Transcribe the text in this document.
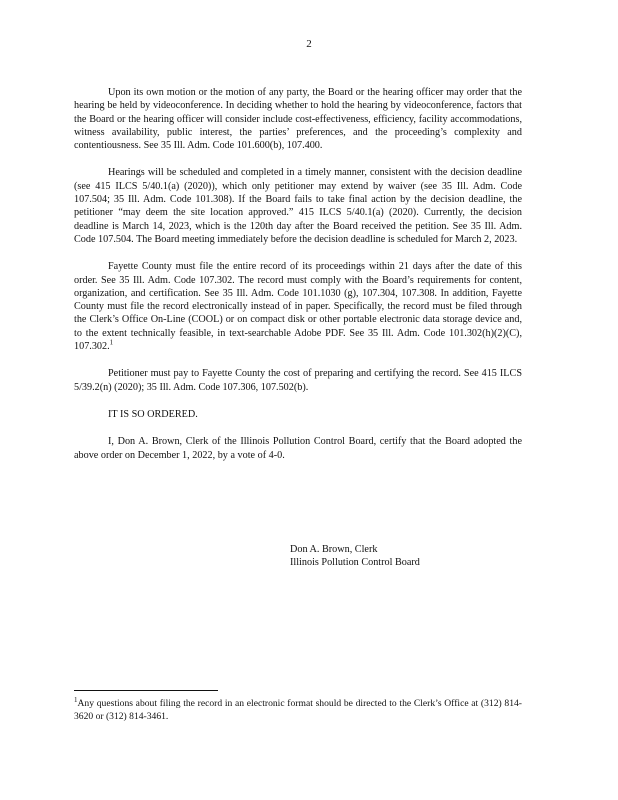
2

Upon its own motion or the motion of any party, the Board or the hearing officer may order that the hearing be held by videoconference. In deciding whether to hold the hearing by videoconference, factors that the Board or the hearing officer will consider include cost-effectiveness, efficiency, facility accommodations, witness availability, public interest, the parties’ preferences, and the proceeding’s complexity and contentiousness. See 35 Ill. Adm. Code 101.600(b), 107.400.

Hearings will be scheduled and completed in a timely manner, consistent with the decision deadline (see 415 ILCS 5/40.1(a) (2020)), which only petitioner may extend by waiver (see 35 Ill. Adm. Code 107.504; 35 Ill. Adm. Code 101.308). If the Board fails to take final action by the decision deadline, the petitioner “may deem the site location approved.” 415 ILCS 5/40.1(a) (2020). Currently, the decision deadline is March 14, 2023, which is the 120th day after the Board received the petition. See 35 Ill. Adm. Code 107.504. The Board meeting immediately before the decision deadline is scheduled for March 2, 2023.

Fayette County must file the entire record of its proceedings within 21 days after the date of this order. See 35 Ill. Adm. Code 107.302. The record must comply with the Board’s requirements for content, organization, and certification. See 35 Ill. Adm. Code 101.1030 (g), 107.304, 107.308. In addition, Fayette County must file the record electronically instead of in paper. Specifically, the record must be filed through the Clerk’s Office On-Line (COOL) or on compact disk or other portable electronic data storage device and, to the extent technically feasible, in text-searchable Adobe PDF. See 35 Ill. Adm. Code 101.302(h)(2)(C), 107.302.$^1$

Petitioner must pay to Fayette County the cost of preparing and certifying the record. See 415 ILCS 5/39.2(n) (2020); 35 Ill. Adm. Code 107.306, 107.502(b).

IT IS SO ORDERED.

I, Don A. Brown, Clerk of the Illinois Pollution Control Board, certify that the Board adopted the above order on December 1, 2022, by a vote of 4-0.

Don A. Brown, Clerk
Illinois Pollution Control Board
$^1$Any questions about filing the record in an electronic format should be directed to the Clerk’s Office at (312) 814-3620 or (312) 814-3461.
